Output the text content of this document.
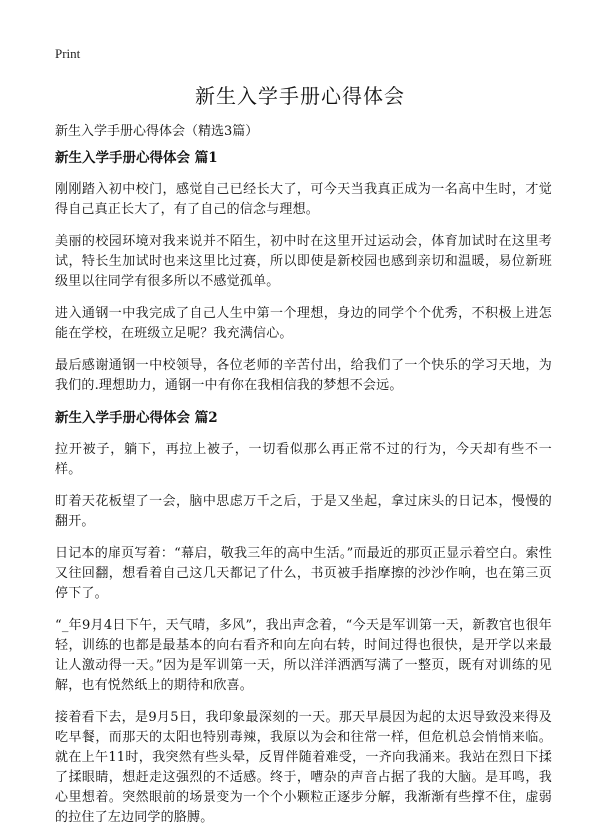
Print
新生入学手册心得体会

新生入学手册心得体会（精选3篇）

新生入学手册心得体会 篇1

刚刚踏入初中校门，感觉自己已经长大了，可今天当我真正成为一名高中生时，才觉得自己真正长大了，有了自己的信念与理想。

美丽的校园环境对我来说并不陌生，初中时在这里开过运动会，体育加试时在这里考试，特长生加试时也来这里比过赛，所以即使是新校园也感到亲切和温暖，易位新班级里以往同学有很多所以不感觉孤单。

进入通钢一中我完成了自己人生中第一个理想，身边的同学个个优秀，不积极上进怎能在学校，在班级立足呢？我充满信心。

最后感谢通钢一中校领导，各位老师的辛苦付出，给我们了一个快乐的学习天地，为我们的.理想助力，通钢一中有你在我相信我的梦想不会远。

新生入学手册心得体会 篇2

拉开被子，躺下，再拉上被子，一切看似那么再正常不过的行为，今天却有些不一样。

盯着天花板望了一会，脑中思虑万千之后，于是又坐起，拿过床头的日记本，慢慢的翻开。

日记本的扉页写着：“幕启，敬我三年的高中生活。”而最近的那页正显示着空白。索性又往回翻，想看着自己这几天都记了什么，书页被手指摩擦的沙沙作响，也在第三页停下了。

“_年9月4日下午，天气晴，多风”，我出声念着，“今天是军训第一天，新教官也很年轻，训练的也都是最基本的向右看齐和向左向右转，时间过得也很快，是开学以来最让人激动得一天。”因为是军训第一天，所以洋洋洒洒写满了一整页，既有对训练的见解，也有悦然纸上的期待和欣喜。

接着看下去，是9月5日，我印象最深刻的一天。那天早晨因为起的太迟导致没来得及吃早餐，而那天的太阳也特别毒辣，我原以为会和往常一样，但危机总会悄悄来临。就在上午11时，我突然有些头晕，反胃伴随着难受，一齐向我涌来。我站在烈日下揉了揉眼睛，想赶走这强烈的不适感。终于，嘈杂的声音占据了我的大脑。是耳鸣，我心里想着。突然眼前的场景变为一个个小颗粒正逐步分解，我渐渐有些撑不住，虚弱的拉住了左边同学的胳膊。
